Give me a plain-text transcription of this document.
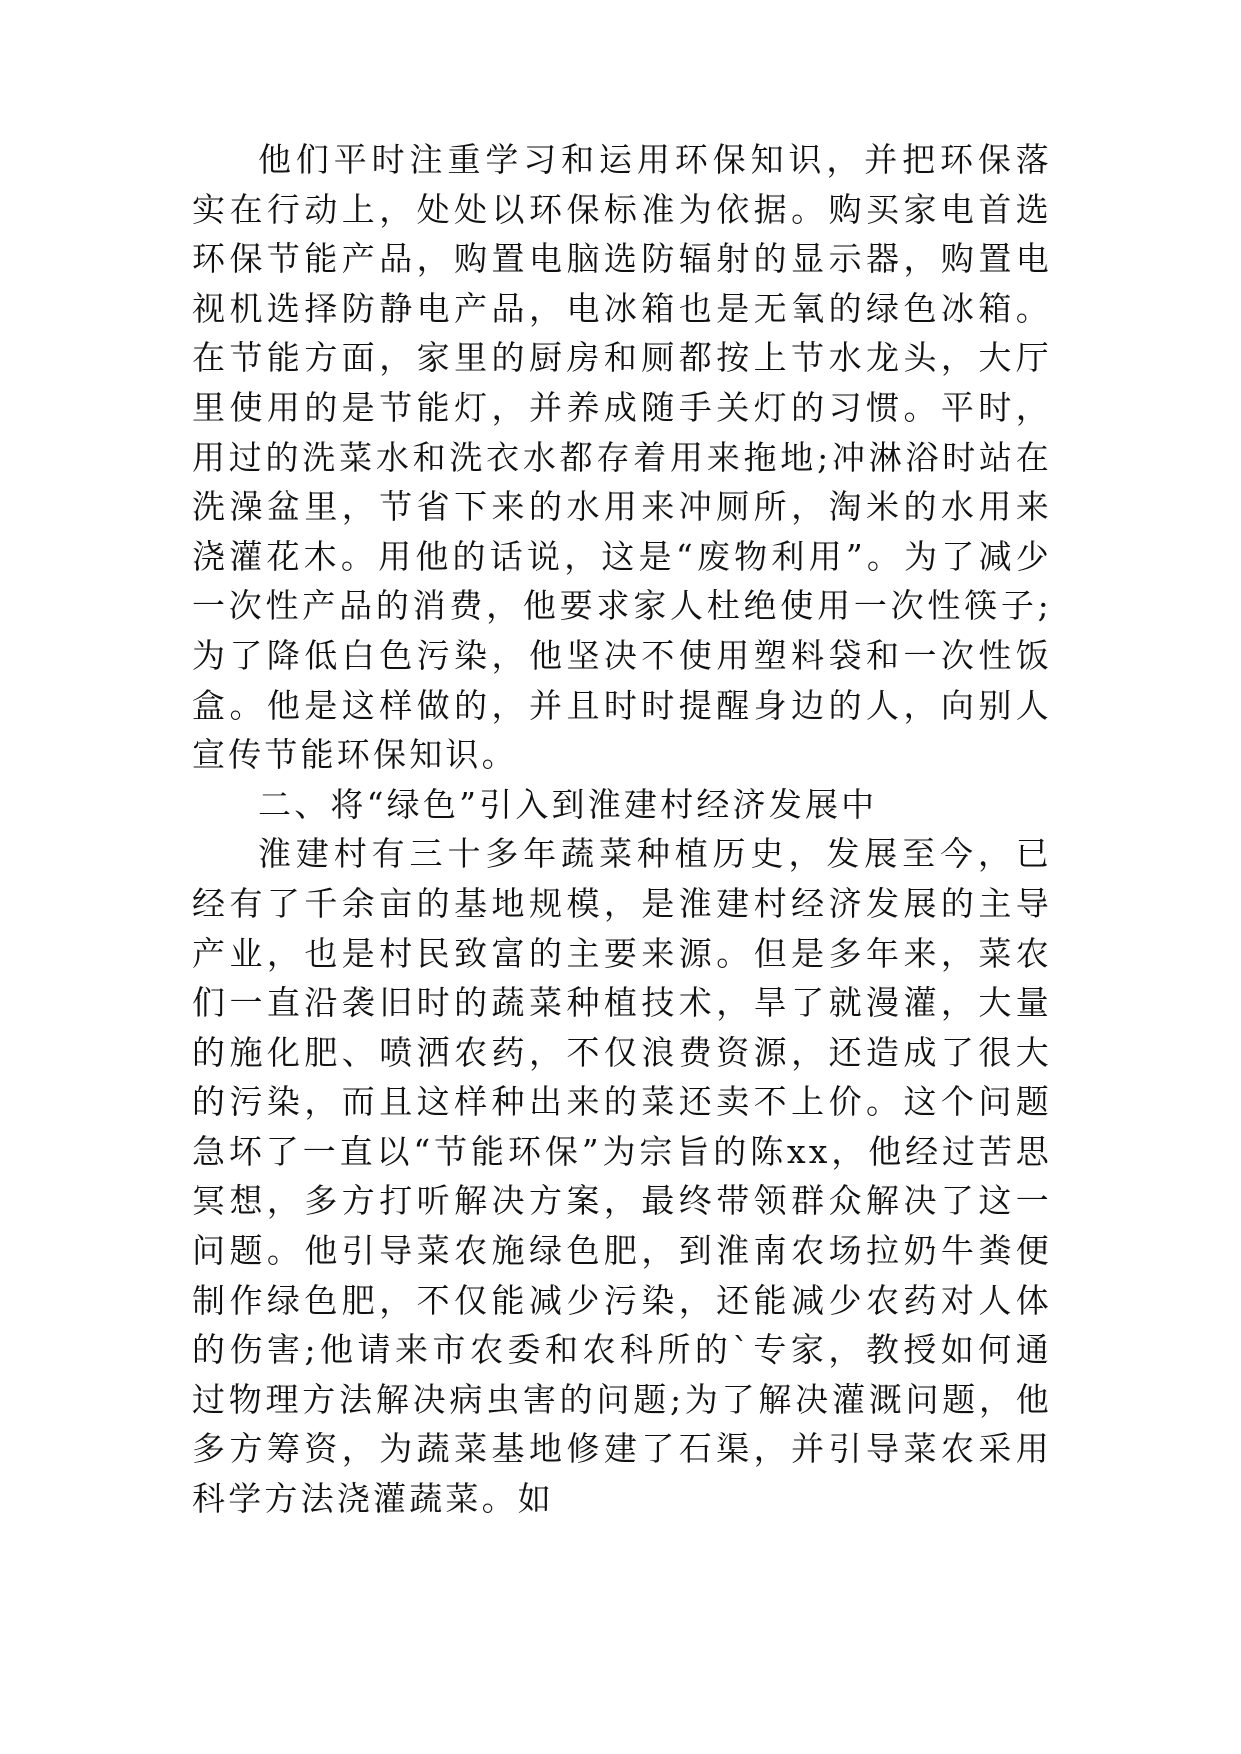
他们平时注重学习和运用环保知识，并把环保落实在行动上，处处以环保标准为依据。购买家电首选环保节能产品，购置电脑选防辐射的显示器，购置电视机选择防静电产品，电冰箱也是无氧的绿色冰箱。在节能方面，家里的厨房和厕都按上节水龙头，大厅里使用的是节能灯，并养成随手关灯的习惯。平时，用过的洗菜水和洗衣水都存着用来拖地;冲淋浴时站在洗澡盆里，节省下来的水用来冲厕所，淘米的水用来浇灌花木。用他的话说，这是“废物利用”。为了减少一次性产品的消费，他要求家人杜绝使用一次性筷子;为了降低白色污染，他坚决不使用塑料袋和一次性饭盒。他是这样做的，并且时时提醒身边的人，向别人宣传节能环保知识。

二、将“绿色”引入到淮建村经济发展中

淮建村有三十多年蔬菜种植历史，发展至今，已经有了千余亩的基地规模，是淮建村经济发展的主导产业，也是村民致富的主要来源。但是多年来，菜农们一直沿袭旧时的蔬菜种植技术，旱了就漫灌，大量的施化肥、喷洒农药，不仅浪费资源，还造成了很大的污染，而且这样种出来的菜还卖不上价。这个问题急坏了一直以“节能环保”为宗旨的陈xx，他经过苦思冥想，多方打听解决方案，最终带领群众解决了这一问题。他引导菜农施绿色肥，到淮南农场拉奶牛粪便制作绿色肥，不仅能减少污染，还能减少农药对人体的伤害;他请来市农委和农科所的`专家，教授如何通过物理方法解决病虫害的问题;为了解决灌溉问题，他多方筹资，为蔬菜基地修建了石渠，并引导菜农采用科学方法浇灌蔬菜。如
